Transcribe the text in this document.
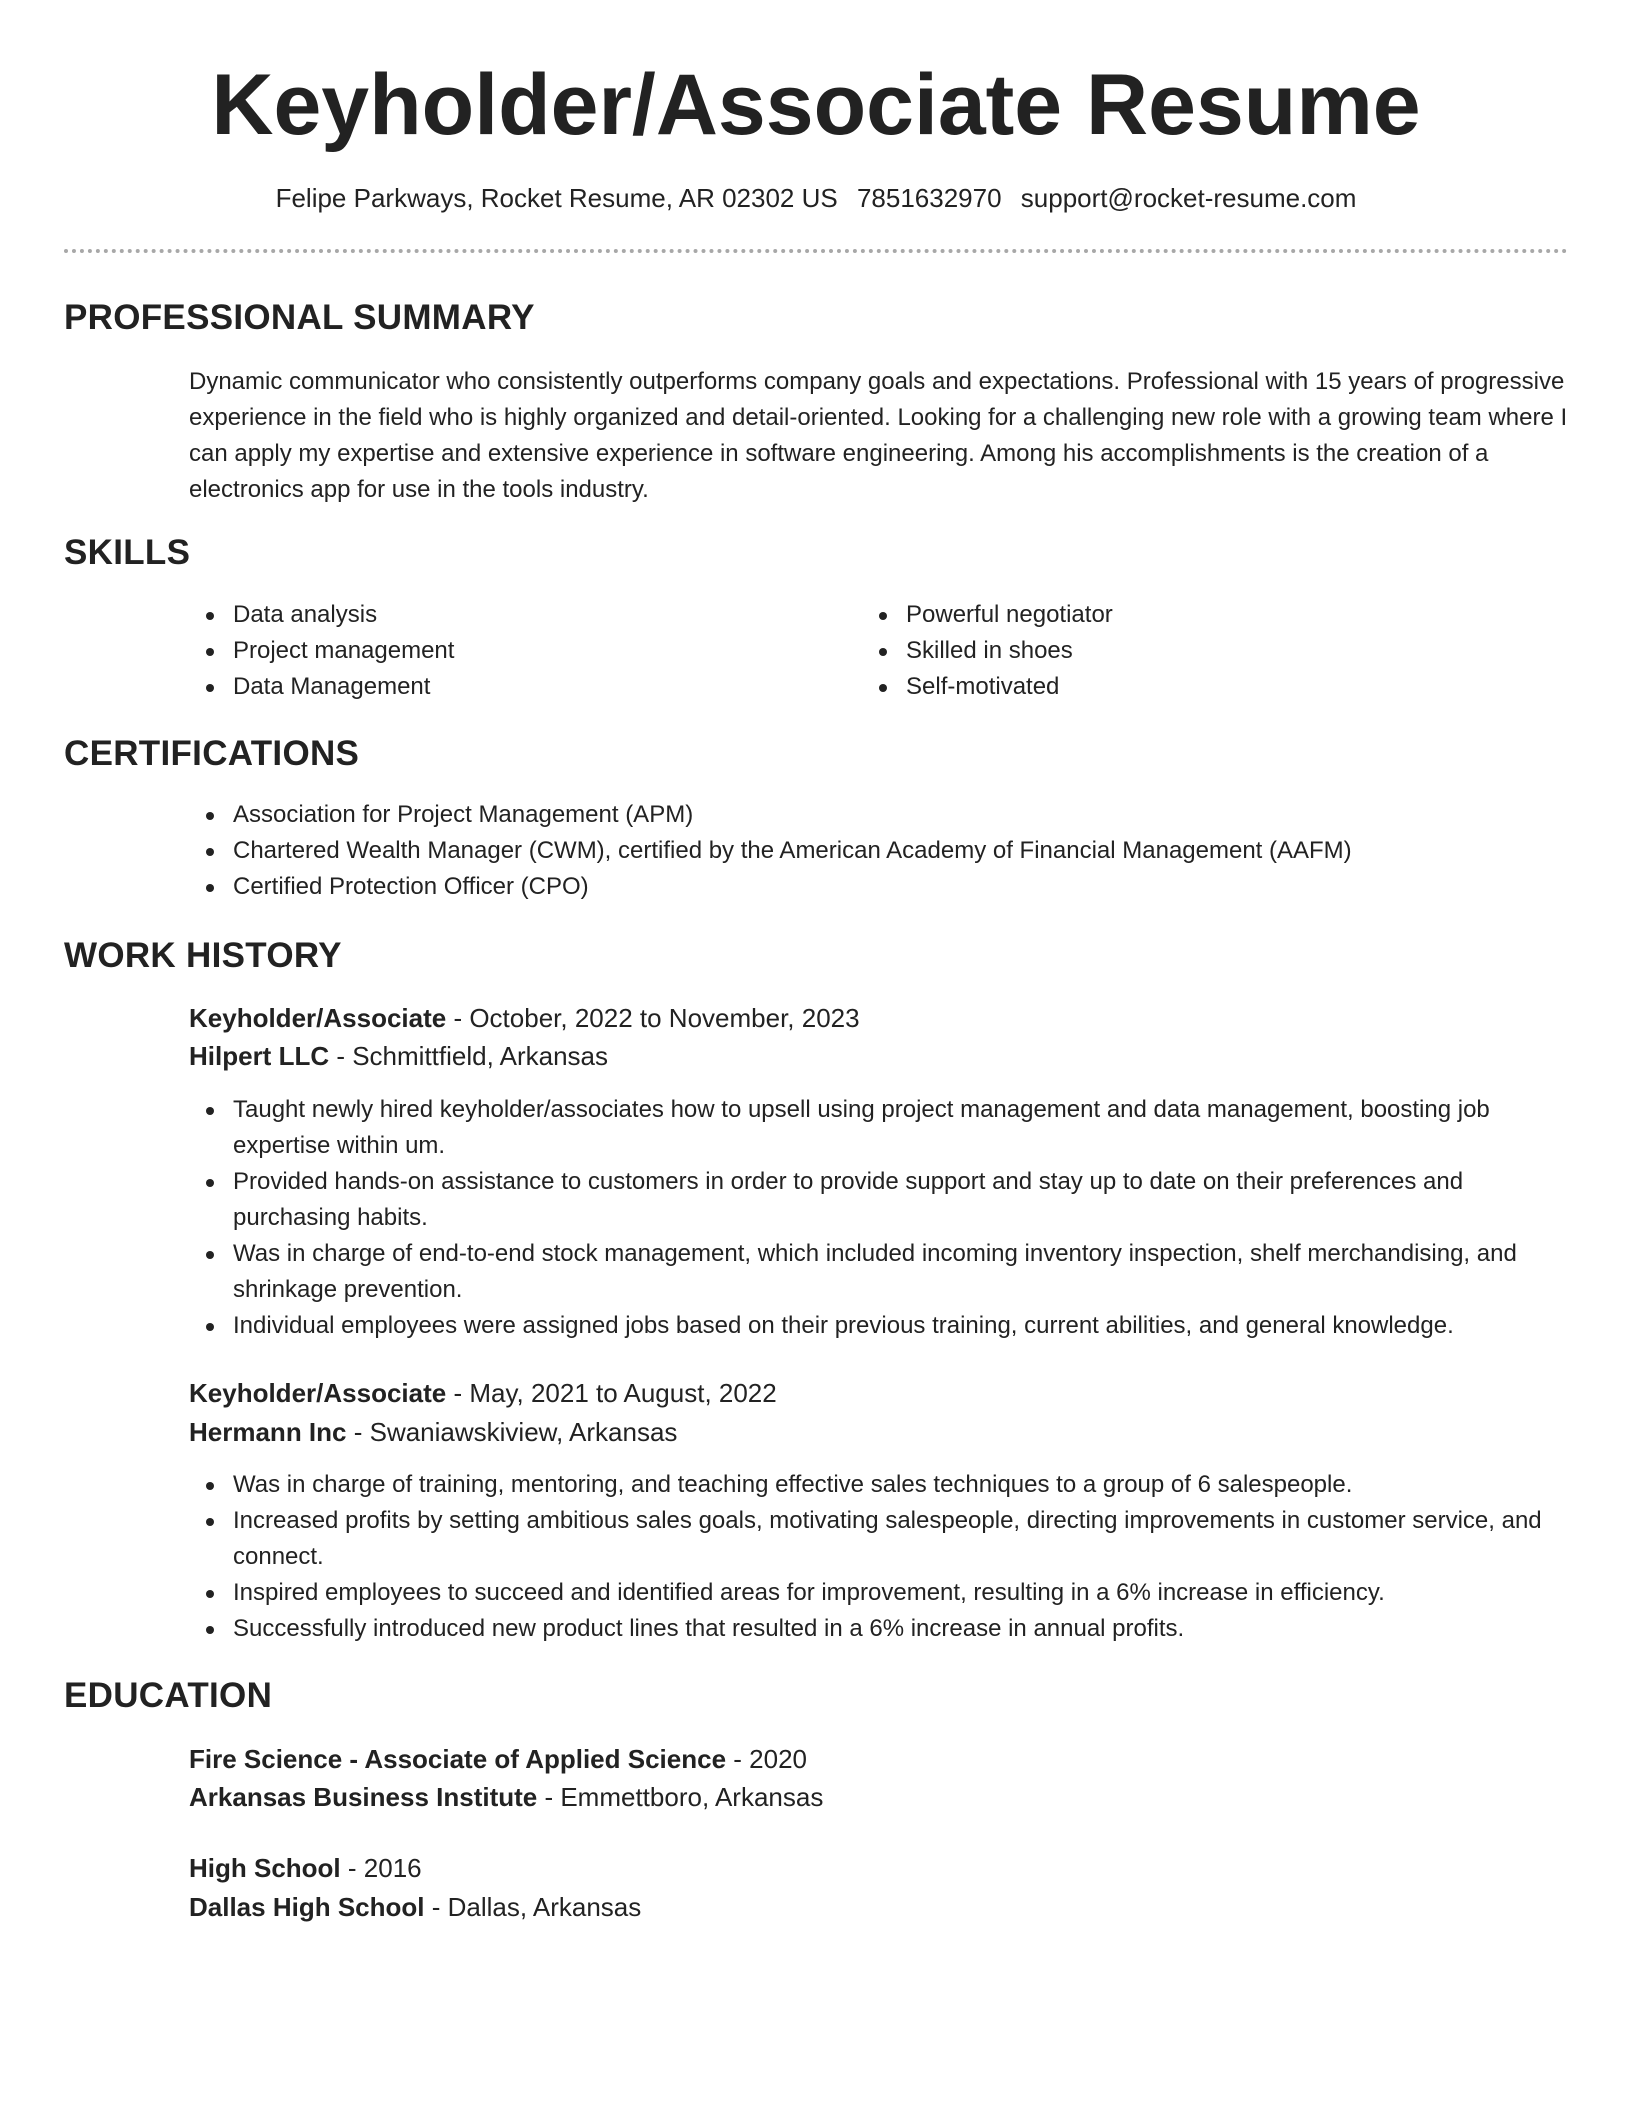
Keyholder/Associate Resume
Felipe Parkways, Rocket Resume, AR 02302 US 7851632970 support@rocket-resume.com
PROFESSIONAL SUMMARY
Dynamic communicator who consistently outperforms company goals and expectations. Professional with 15 years of progressive experience in the field who is highly organized and detail-oriented. Looking for a challenging new role with a growing team where I can apply my expertise and extensive experience in software engineering. Among his accomplishments is the creation of a electronics app for use in the tools industry.
SKILLS
Data analysis
Project management
Data Management
Powerful negotiator
Skilled in shoes
Self-motivated
CERTIFICATIONS
Association for Project Management (APM)
Chartered Wealth Manager (CWM), certified by the American Academy of Financial Management (AAFM)
Certified Protection Officer (CPO)
WORK HISTORY
Keyholder/Associate - October, 2022 to November, 2023
Hilpert LLC - Schmittfield, Arkansas
Taught newly hired keyholder/associates how to upsell using project management and data management, boosting job expertise within um.
Provided hands-on assistance to customers in order to provide support and stay up to date on their preferences and purchasing habits.
Was in charge of end-to-end stock management, which included incoming inventory inspection, shelf merchandising, and shrinkage prevention.
Individual employees were assigned jobs based on their previous training, current abilities, and general knowledge.
Keyholder/Associate - May, 2021 to August, 2022
Hermann Inc - Swaniawskiview, Arkansas
Was in charge of training, mentoring, and teaching effective sales techniques to a group of 6 salespeople.
Increased profits by setting ambitious sales goals, motivating salespeople, directing improvements in customer service, and connect.
Inspired employees to succeed and identified areas for improvement, resulting in a 6% increase in efficiency.
Successfully introduced new product lines that resulted in a 6% increase in annual profits.
EDUCATION
Fire Science - Associate of Applied Science - 2020
Arkansas Business Institute - Emmettboro, Arkansas
High School - 2016
Dallas High School - Dallas, Arkansas
